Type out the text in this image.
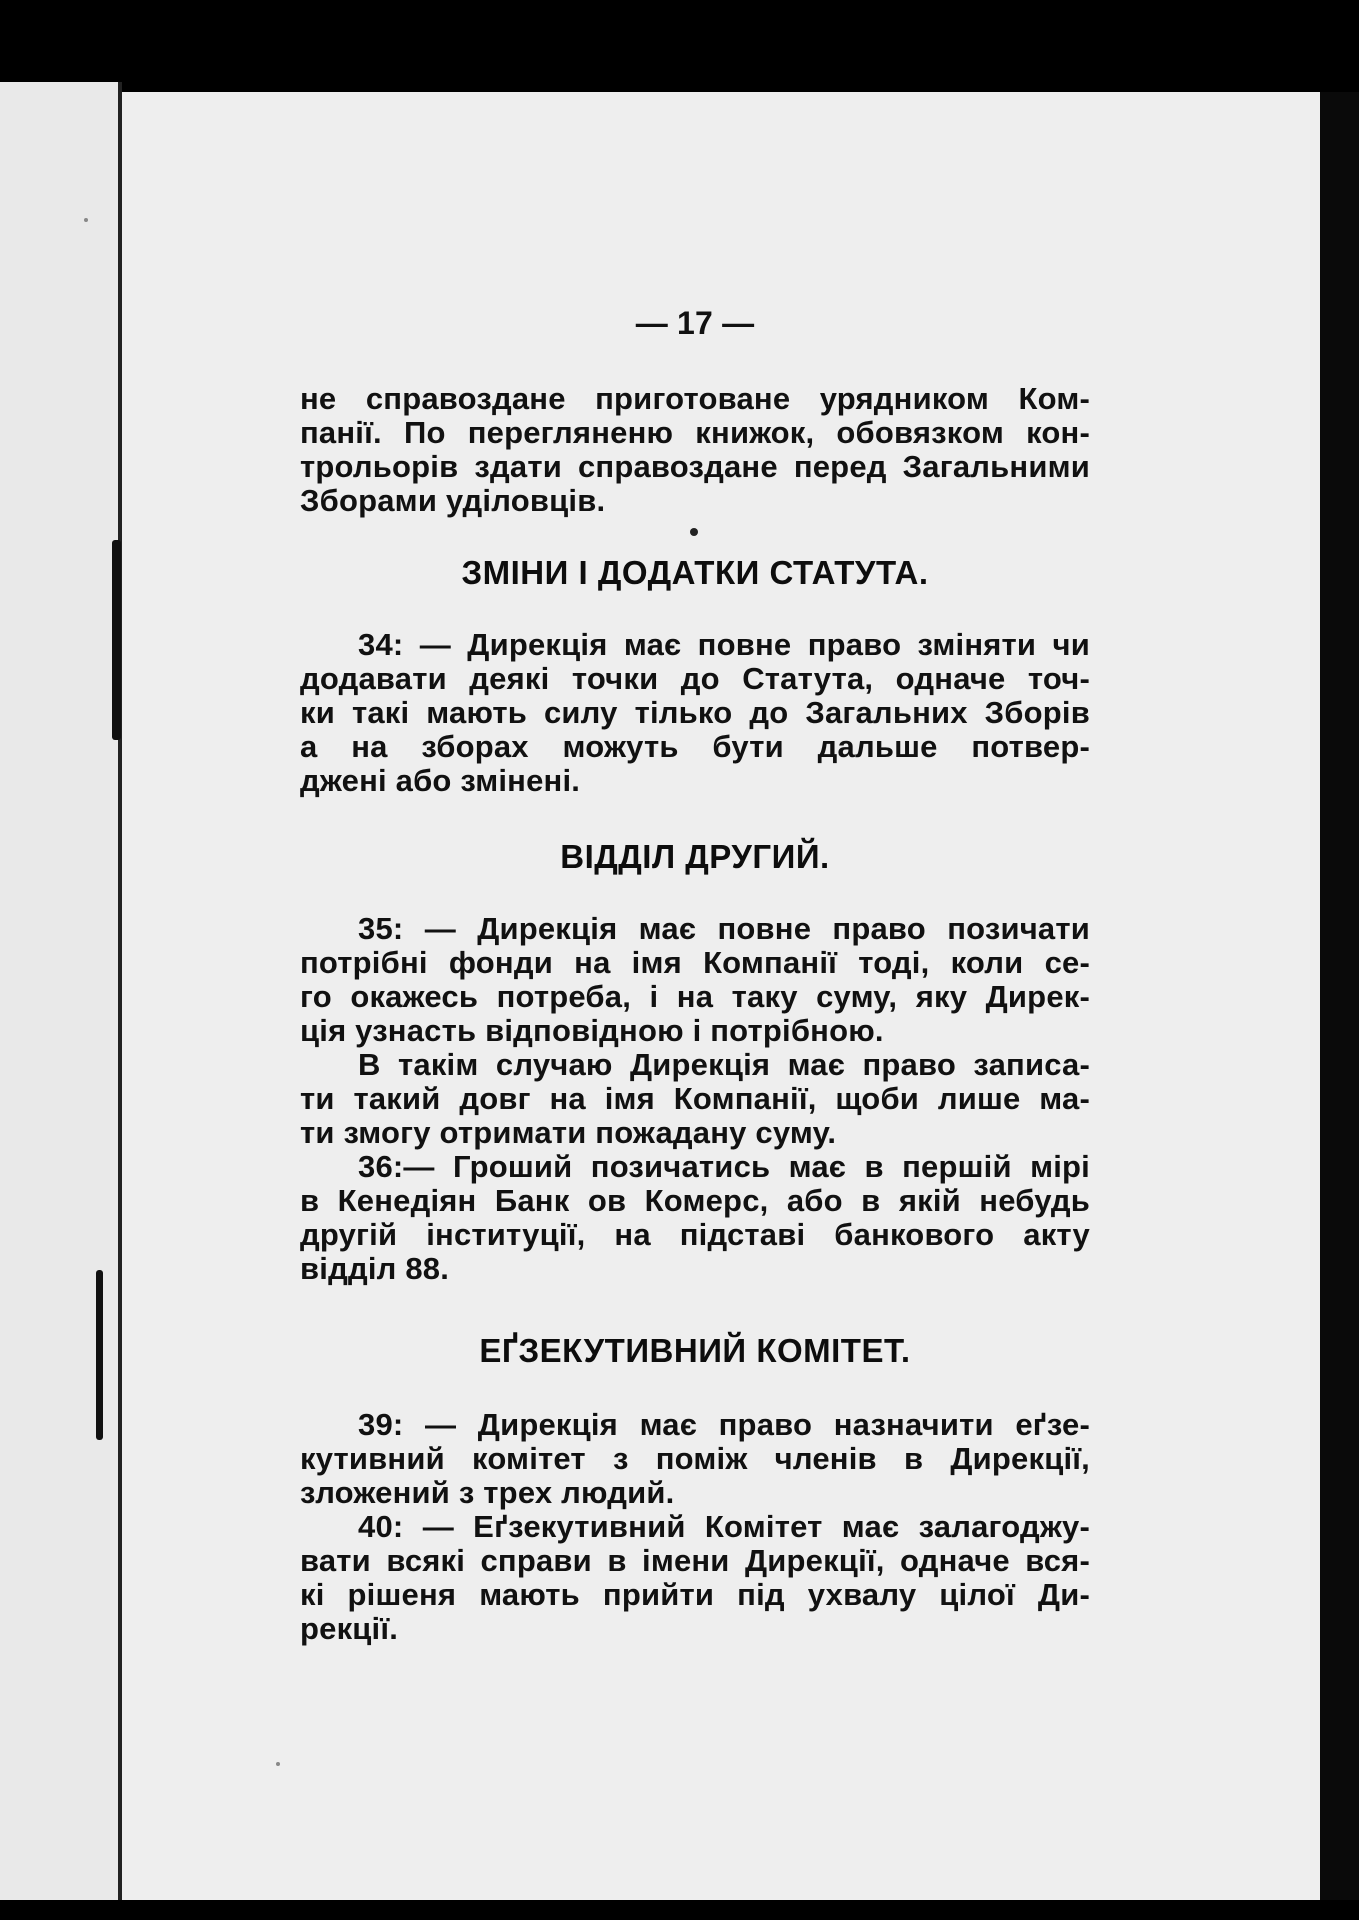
— 17 —
не справоздане приготоване урядником Ком-
панії. По перегляненю книжок, обовязком кон-
трольорів здати справоздане перед Загальними
Зборами уділовців.
ЗМІНИ І ДОДАТКИ СТАТУТА.
34: — Дирекція має повне право зміняти чи
додавати деякі точки до Статута, одначе точ-
ки такі мають силу тілько до Загальних Зборів
а на зборах можуть бути дальше потвер-
джені або змінені.
ВІДДІЛ ДРУГИЙ.
35: — Дирекція має повне право позичати
потрібні фонди на імя Компанії тоді, коли се-
го окажесь потреба, і на таку суму, яку Дирек-
ція узнасть відповідною і потрібною.
В такім случаю Дирекція має право записа-
ти такий довг на імя Компанії, щоби лише ма-
ти змогу отримати пожадану суму.
36:— Гроший позичатись має в першій мірі
в Кенедіян Банк ов Комерс, або в якій небудь
другій інституції, на підставі банкового акту
відділ 88.
ЕҐЗЕКУТИВНИЙ КОМІТЕТ.
39: — Дирекція має право назначити еґзе-
кутивний комітет з поміж членів в Дирекції,
зложений з трех людий.
40: — Еґзекутивний Комітет має залагоджу-
вати всякі справи в імени Дирекції, одначе вся-
кі рішеня мають прийти під ухвалу цілої Ди-
рекції.
